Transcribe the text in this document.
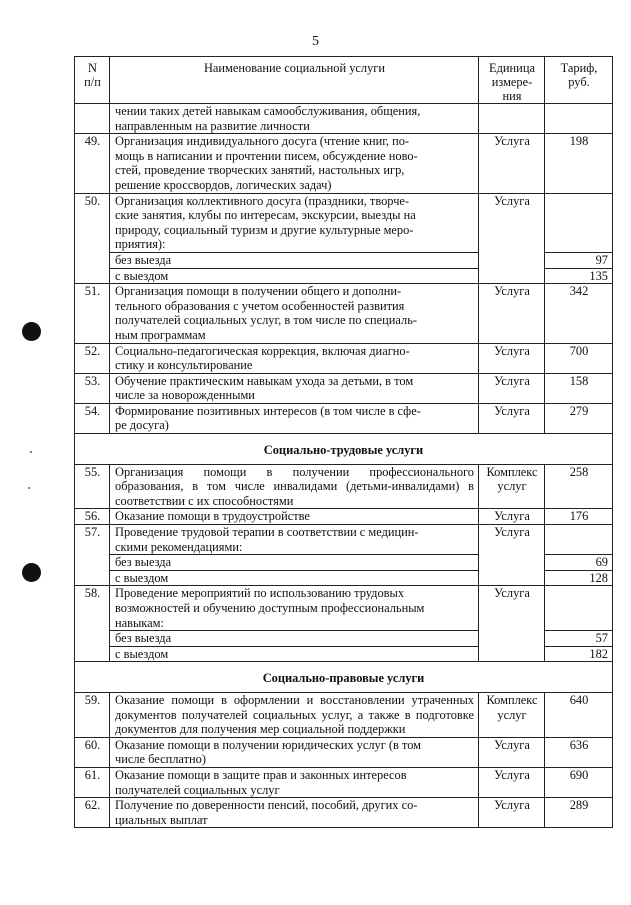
5
N
п/п	Наименование социальной услуги	Единица
измере-
ния	Тариф,
руб.
	чении таких детей навыкам самообслуживания, общения,
направленным на развитие личности		
49.	Организация индивидуального досуга (чтение книг, по-
мощь в написании и прочтении писем, обсуждение ново-
стей, проведение творческих занятий, настольных игр,
решение кроссвордов, логических задач)	Услуга	198
50.	Организация коллективного досуга (праздники, творче-
ские занятия, клубы по интересам, экскурсии, выезды на
природу, социальный туризм и другие культурные меро-
приятия):	Услуга	
	без выезда		97
	с выездом		135
51.	Организация помощи в получении общего и дополни-
тельного образования с учетом особенностей развития
получателей социальных услуг, в том числе по специаль-
ным программам	Услуга	342
52.	Социально-педагогическая коррекция, включая диагно-
стику и консультирование	Услуга	700
53.	Обучение практическим навыкам ухода за детьми, в том
числе за новорожденными	Услуга	158
54.	Формирование позитивных интересов (в том числе в сфе-
ре досуга)	Услуга	279
Социально-трудовые услуги			
55.	Организация помощи в получении профессионального образования, в том числе инвалидами (детьми-инвалидами) в соответствии с их способностями	Комплекс
услуг	258
56.	Оказание помощи в трудоустройстве	Услуга	176
57.	Проведение трудовой терапии в соответствии с медицин-
скими рекомендациями:	Услуга	
	без выезда		69
	с выездом		128
58.	Проведение мероприятий по использованию трудовых
возможностей и обучению доступным профессиональным
навыкам:	Услуга	
	без выезда		57
	с выездом		182
Социально-правовые услуги			
59.	Оказание помощи в оформлении и восстановлении утраченных документов получателей социальных услуг, а также в подготовке документов для получения мер социальной поддержки	Комплекс
услуг	640
60.	Оказание помощи в получении юридических услуг (в том
числе бесплатно)	Услуга	636
61.	Оказание помощи в защите прав и законных интересов
получателей социальных услуг	Услуга	690
62.	Получение по доверенности пенсий, пособий, других со-
циальных выплат	Услуга	289
